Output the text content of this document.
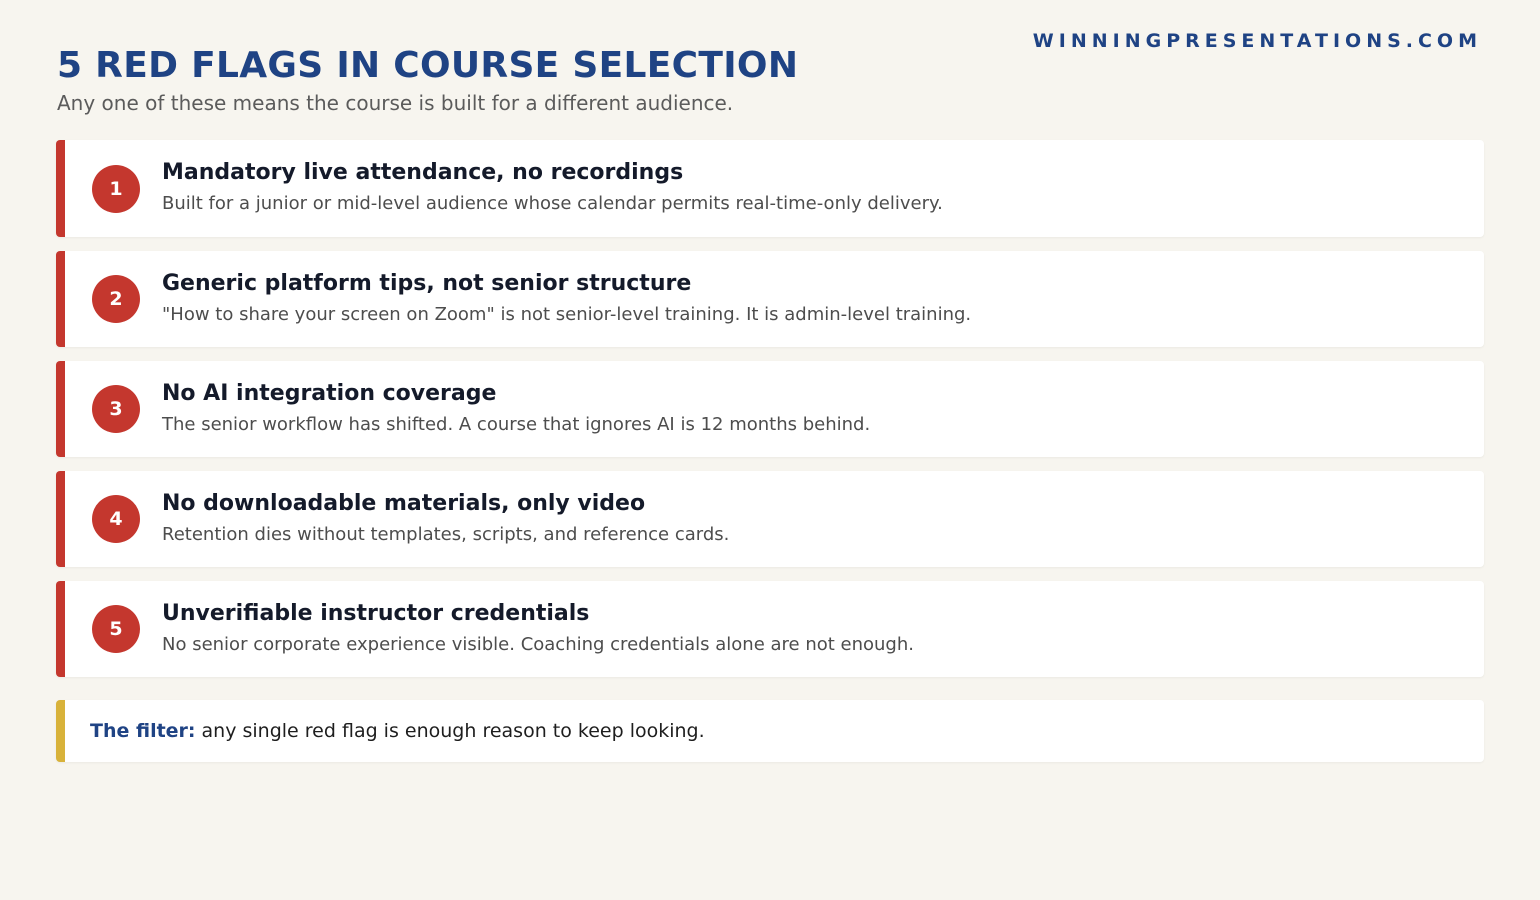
WINNINGPRESENTATIONS.COM
5 RED FLAGS IN COURSE SELECTION

Any one of these means the course is built for a different audience.

1
Mandatory live attendance, no recordings
Built for a junior or mid-level audience whose calendar permits real-time-only delivery.
2
Generic platform tips, not senior structure
"How to share your screen on Zoom" is not senior-level training. It is admin-level training.
3
No AI integration coverage
The senior workflow has shifted. A course that ignores AI is 12 months behind.
4
No downloadable materials, only video
Retention dies without templates, scripts, and reference cards.
5
Unverifiable instructor credentials
No senior corporate experience visible. Coaching credentials alone are not enough.
The filter: any single red flag is enough reason to keep looking.
